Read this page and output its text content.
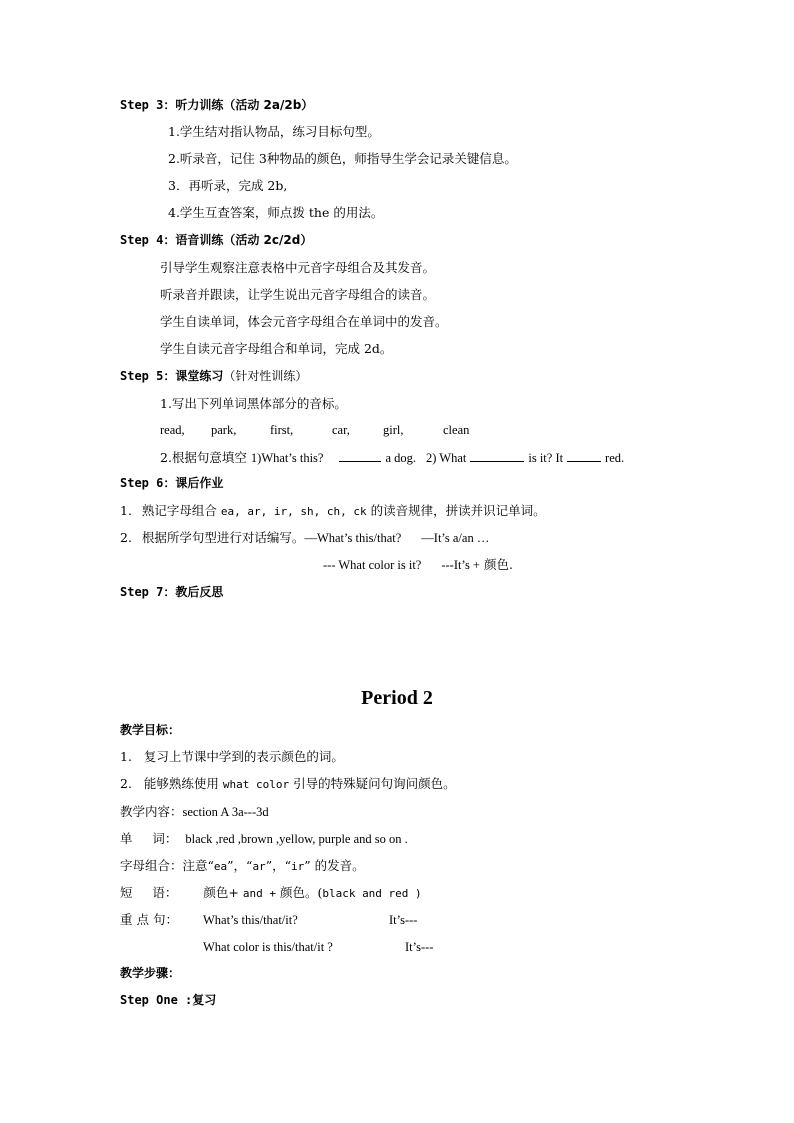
Step 3：听力训练（活动 2a/2b）
1.学生结对指认物品，练习目标句型。
2.听录音，记住 3种物品的颜色，师指导生学会记录关键信息。
3．再听录，完成 2b,
4.学生互查答案，师点拨 the 的用法。
Step 4：语音训练（活动 2c/2d）
引导学生观察注意表格中元音字母组合及其发音。
听录音并跟读，让学生说出元音字母组合的读音。
学生自读单词，体会元音字母组合在单词中的发音。
学生自读元音字母组合和单词，完成 2d。
Step 5：课堂练习（针对性训练）
1.写出下列单词黑体部分的音标。
read, park,	first,	car,	girl,	clean
2.根据句意填空 1)What’s this?	a dog. 2) What	is it? It	red.
Step 6：课后作业
1. 熟记字母组合 ea, ar, ir, sh, ch, ck 的读音规律，拼读并识记单词。
2. 根据所学句型进行对话编写。—What’s this/that? —It’s a/an …
--- What color is it? ---It’s + 颜色.
Step 7：教后反思
Period 2
教学目标：
1. 复习上节课中学到的表示颜色的词。
2. 能够熟练使用 what color 引导的特殊疑问句询问颜色。
教学内容：section A 3a---3d
单     词： black ,red ,brown ,yellow, purple and so on .
字母组合：注意“ea”，“ar”，“ir” 的发音。
短     语： 颜色+ and + 颜色。(black and red )
重 点 句： What’s this/that/it?	It’s---
What color is this/that/it ?	It’s---
教学步骤：
Step One :复习
